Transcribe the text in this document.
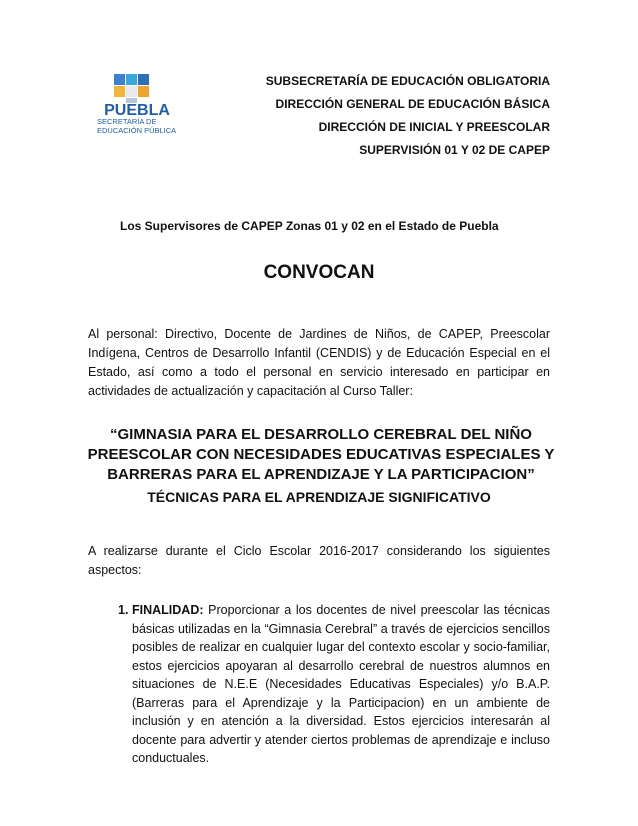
PUEBLA
SECRETARÍA DE
EDUCACIÓN PÚBLICA
SUBSECRETARÍA DE EDUCACIÓN OBLIGATORIA
DIRECCIÓN GENERAL DE EDUCACIÓN BÁSICA
DIRECCIÓN DE INICIAL Y PREESCOLAR
SUPERVISIÓN 01 Y 02 DE CAPEP
Los Supervisores de CAPEP Zonas 01 y 02 en el Estado de Puebla
CONVOCAN
Al personal: Directivo, Docente de Jardines de Niños, de CAPEP, Preescolar Indígena, Centros de Desarrollo Infantil (CENDIS) y de Educación Especial en el Estado, así como a todo el personal en servicio interesado en participar en actividades de actualización y capacitación al Curso Taller:
“GIMNASIA PARA EL DESARROLLO CEREBRAL DEL NIÑO PREESCOLAR CON NECESIDADES EDUCATIVAS ESPECIALES Y BARRERAS PARA EL APRENDIZAJE Y LA PARTICIPACION”
TÉCNICAS PARA EL APRENDIZAJE SIGNIFICATIVO
A realizarse durante el Ciclo Escolar 2016-2017 considerando los siguientes aspectos:
1. FINALIDAD: Proporcionar a los docentes de nivel preescolar las técnicas básicas utilizadas en la “Gimnasia Cerebral” a través de ejercicios sencillos posibles de realizar en cualquier lugar del contexto escolar y socio-familiar, estos ejercicios apoyaran al desarrollo cerebral de nuestros alumnos en situaciones de N.E.E (Necesidades Educativas Especiales) y/o B.A.P. (Barreras para el Aprendizaje y la Participacion) en un ambiente de inclusión y en atención a la diversidad. Estos ejercicios interesarán al docente para advertir y atender ciertos problemas de aprendizaje e incluso conductuales.
